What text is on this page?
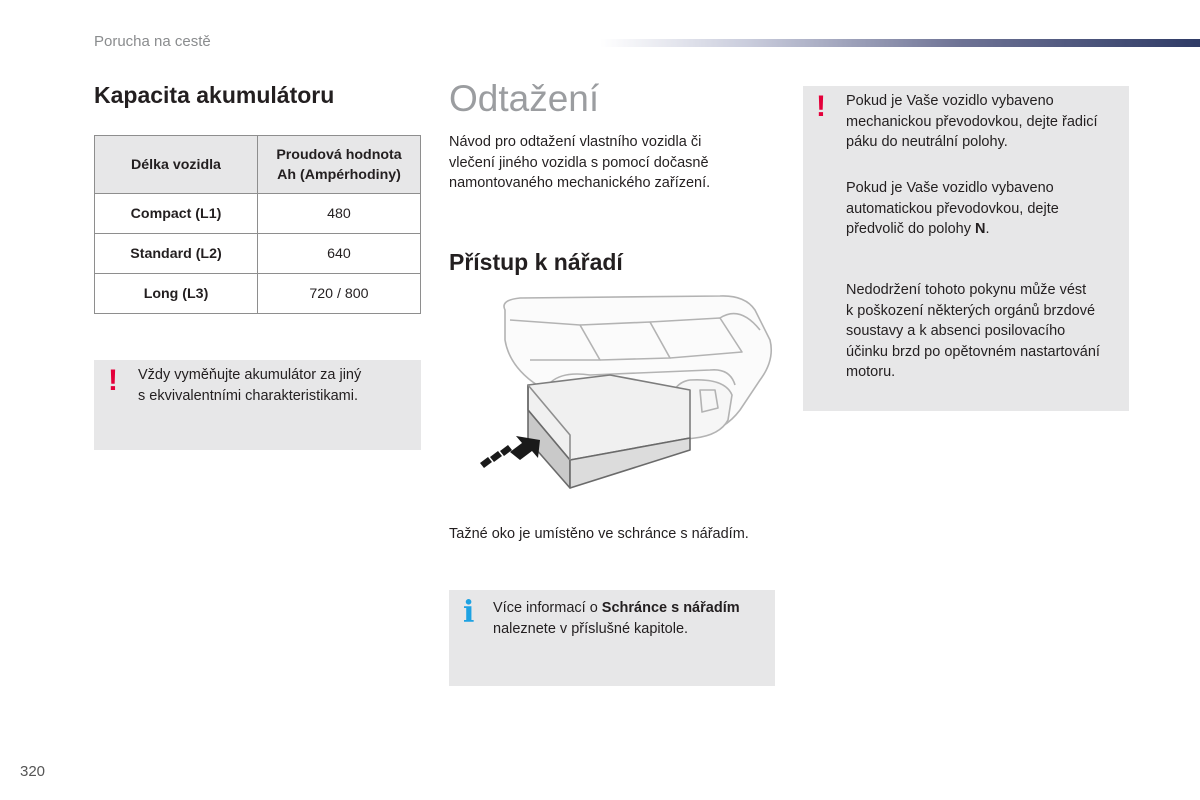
Porucha na cestě
Kapacita akumulátoru
Délka vozidla	Proudová hodnota
Ah (Ampérhodiny)
Compact (L1)	480
Standard (L2)	640
Long (L3)	720 / 800
! Vždy vyměňujte akumulátor za jiný
s ekvivalentními charakteristikami.
Odtažení
Návod pro odtažení vlastního vozidla či
vlečení jiného vozidla s pomocí dočasně
namontovaného mechanického zařízení.
Přístup k nářadí
Tažné oko je umístěno ve schránce s nářadím.
i Více informací o Schránce s nářadím
naleznete v příslušné kapitole.
! Pokud je Vaše vozidlo vybaveno
mechanickou převodovkou, dejte řadicí
páku do neutrální polohy.
Pokud je Vaše vozidlo vybaveno
automatickou převodovkou, dejte
předvolič do polohy N.
Nedodržení tohoto pokynu může vést
k poškození některých orgánů brzdové
soustavy a k absenci posilovacího
účinku brzd po opětovném nastartování
motoru.
320
